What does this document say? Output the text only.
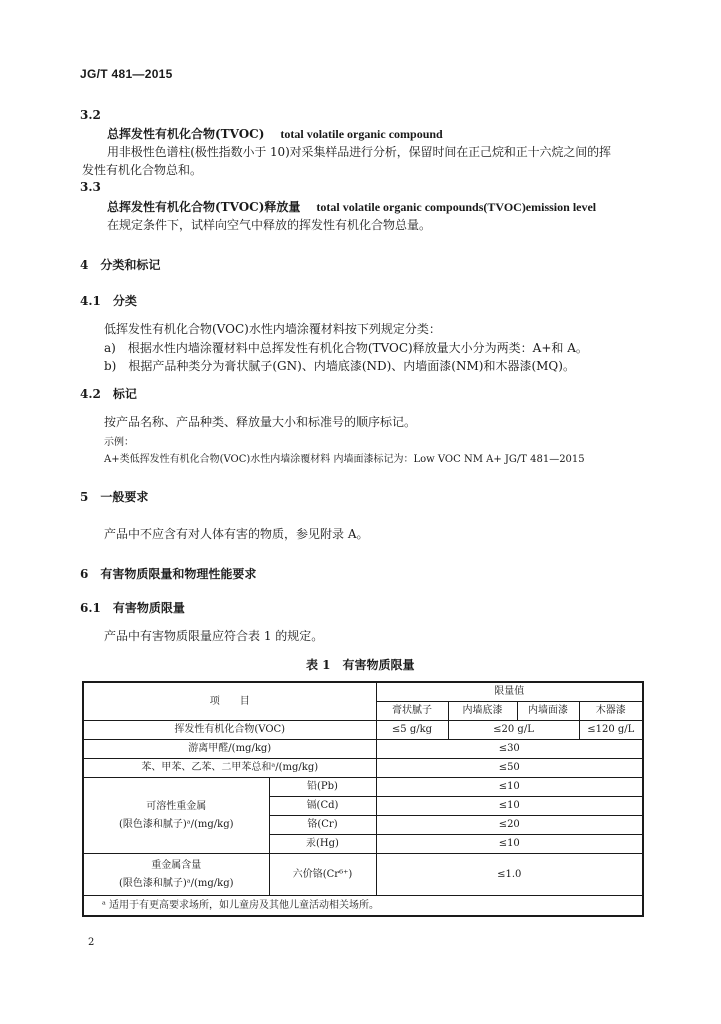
JG/T 481—2015
3.2
总挥发性有机化合物(TVOC) total volatile organic compound
用非极性色谱柱(极性指数小于 10)对采集样品进行分析，保留时间在正己烷和正十六烷之间的挥
发性有机化合物总和。
3.3
总挥发性有机化合物(TVOC)释放量 total volatile organic compounds(TVOC)emission level
在规定条件下，试样向空气中释放的挥发性有机化合物总量。
4　分类和标记
4.1　分类
低挥发性有机化合物(VOC)水性内墙涂覆材料按下列规定分类：
a)　根据水性内墙涂覆材料中总挥发性有机化合物(TVOC)释放量大小分为两类：A+和 A。
b)　根据产品种类分为膏状腻子(GN)、内墙底漆(ND)、内墙面漆(NM)和木器漆(MQ)。
4.2　标记
按产品名称、产品种类、释放量大小和标准号的顺序标记。
示例：
A+类低挥发性有机化合物(VOC)水性内墙涂覆材料 内墙面漆标记为：Low VOC NM A+ JG/T 481—2015
5　一般要求
产品中不应含有对人体有害的物质，参见附录 A。
6　有害物质限量和物理性能要求
6.1　有害物质限量
产品中有害物质限量应符合表 1 的规定。
表 1　有害物质限量
项　　目		限量值			
		膏状腻子	内墙底漆	内墙面漆	木器漆
挥发性有机化合物(VOC)		≤5 g/kg	≤20 g/L		≤120 g/L
游离甲醛/(mg/kg)		≤30			
苯、甲苯、乙苯、二甲苯总和ᵃ/(mg/kg)		≤50			

可溶性重金属
(限色漆和腻子)ᵃ/(mg/kg)	铅(Pb)	≤10			
	镉(Cd)	≤10			
	铬(Cr)	≤20			
	汞(Hg)	≤10			

重金属含量
(限色漆和腻子)ᵃ/(mg/kg)	六价铬(Cr⁶⁺)	≤1.0			
ᵃ 适用于有更高要求场所，如儿童房及其他儿童活动相关场所。					
2
